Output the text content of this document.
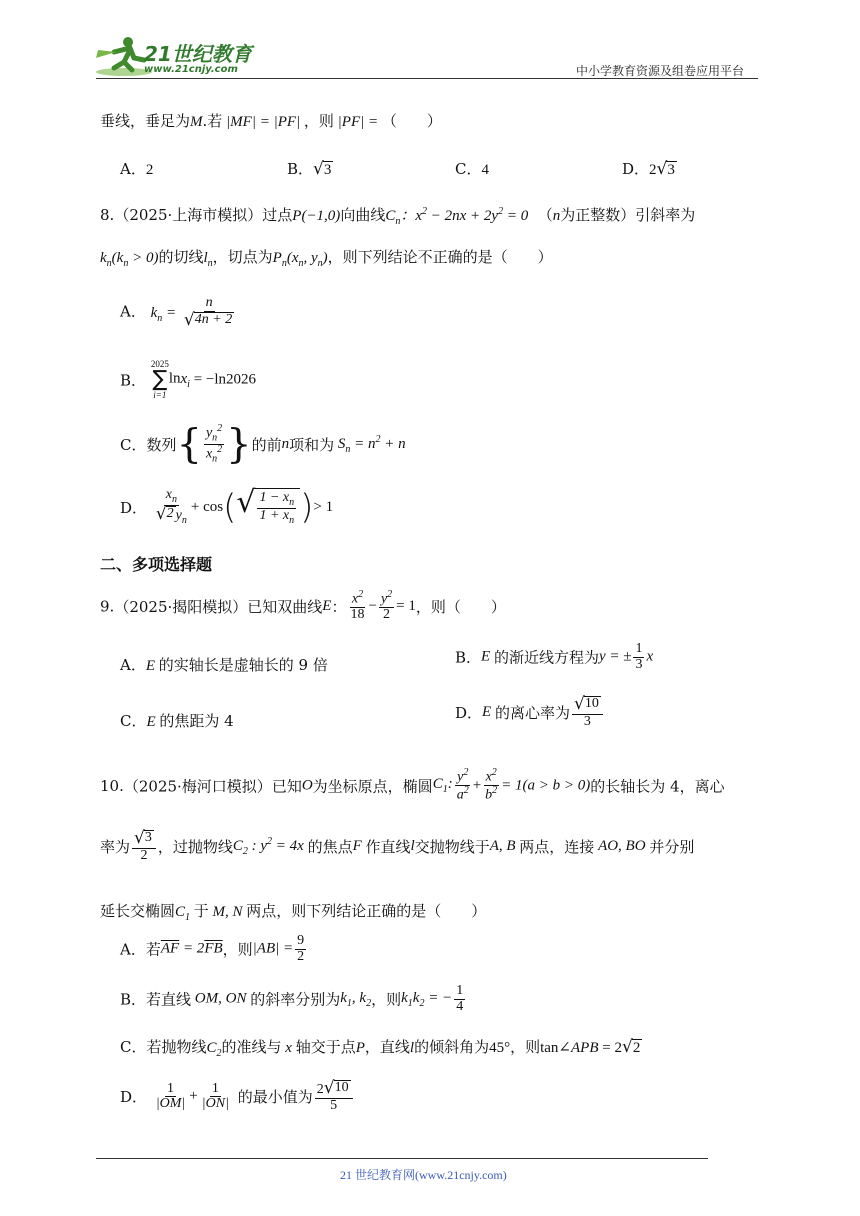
21世纪教育
www.21cnjy.com	中小学教育资源及组卷应用平台
垂线，垂足为M.若 |MF| = |PF| ，则 |PF| = （　　）
A．2	B． √ 3	C．4	D．2 √ 3
8.（2025·上海市模拟）过点P(−1,0)向曲线$C_n$：$x^2 - 2nx + 2y^2 = 0$ （n为正整数）引斜率为
$k_n(k_n > 0)$的切线$l_n$，切点为$P_n(x_n$, $y_n$)，则下列结论不正确的是（　　）
A． $k_n = \frac{n}{√ 4n + 2}$
B．
2025
∑
i=1
lnx$_i$ = −ln2026
C．数列{ $\frac{y_n^2}{x_n^2}$ }的前n项和为 $S_n = n^2 + n$
D． $\frac{x_n}{√ 2 y_n} + \cos$( √ $\frac{1 - x_n}{1 + x_n}$ )> 1
二、多项选择题
9.（2025·揭阳模拟）已知双曲线E： $\frac{x^2}{18} - \frac{y^2}{2} = 1$，则（　　）
A．E 的实轴长是虚轴长的 9 倍	B．E 的渐近线方程为y = ± $\frac{1}{3}$ x
C．E 的焦距为 4	D．E 的离心率为 $\frac{√ 10}{3}$
10.（2025·梅河口模拟）已知O为坐标原点，椭圆$C_1$: $\frac{y^2}{a^2} + \frac{x^2}{b^2} = 1(a > b > 0)$的长轴长为 4，离心
率为 $\frac{√ 3}{2}$ ，过抛物线$C_2$ : $y^2 = 4x$ 的焦点F 作直线l交抛物线于A, B 两点，连接 AO, BO 并分别
延长交椭圆$C_1$ 于 M, N 两点，则下列结论正确的是（　　）
A．若$\overline{AF} = 2\overline{FB}$，则$|AB| = \frac{9}{2}$
B．若直线 OM, ON 的斜率分别为$k_1$, $k_2$，则$k_1k_2$ = − $\frac{1}{4}$
C．若抛物线$C_2$的准线与 x 轴交于点P，直线l的倾斜角为45°，则tan∠APB = 2 √ 2
D． $\frac{1}{|OM|} + \frac{1}{|ON|}$ 的最小值为 $\frac{2 √ 10}{5}$
21 世纪教育网(www.21cnjy.com)
